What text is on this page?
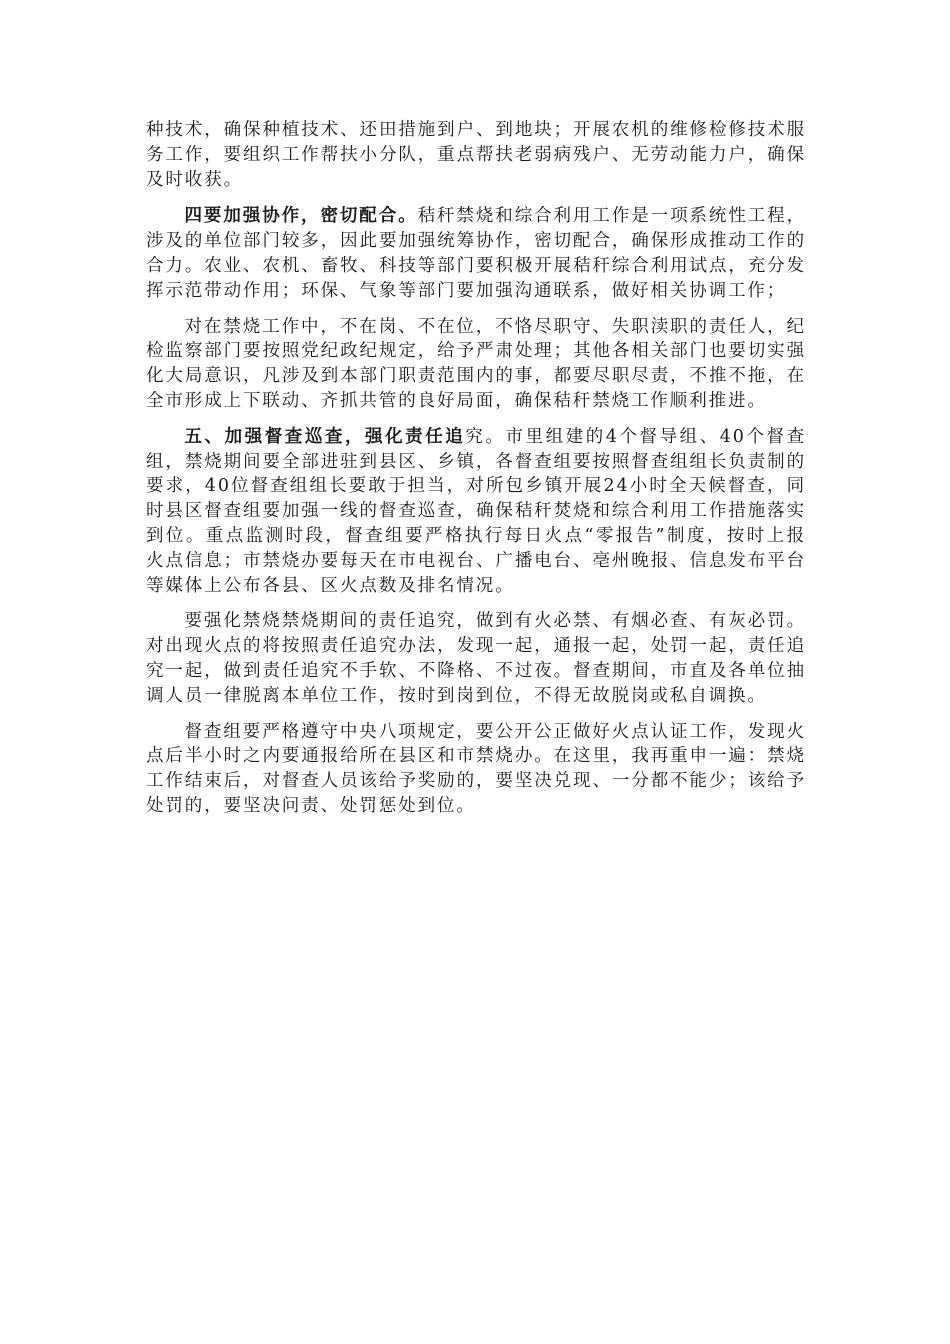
种技术，确保种植技术、还田措施到户、到地块；开展农机的维修检修技术服务工作，要组织工作帮扶小分队，重点帮扶老弱病残户、无劳动能力户，确保及时收获。

四要加强协作，密切配合。秸秆禁烧和综合利用工作是一项系统性工程，涉及的单位部门较多，因此要加强统筹协作，密切配合，确保形成推动工作的合力。农业、农机、畜牧、科技等部门要积极开展秸秆综合利用试点，充分发挥示范带动作用；环保、气象等部门要加强沟通联系，做好相关协调工作；

对在禁烧工作中，不在岗、不在位，不恪尽职守、失职渎职的责任人，纪检监察部门要按照党纪政纪规定，给予严肃处理；其他各相关部门也要切实强化大局意识，凡涉及到本部门职责范围内的事，都要尽职尽责，不推不拖，在全市形成上下联动、齐抓共管的良好局面，确保秸秆禁烧工作顺利推进。

五、加强督查巡查，强化责任追究。市里组建的4个督导组、40个督查组，禁烧期间要全部进驻到县区、乡镇，各督查组要按照督查组组长负责制的要求，40位督查组组长要敢于担当，对所包乡镇开展24小时全天候督查，同时县区督查组要加强一线的督查巡查，确保秸秆焚烧和综合利用工作措施落实到位。重点监测时段，督查组要严格执行每日火点“零报告”制度，按时上报火点信息；市禁烧办要每天在市电视台、广播电台、亳州晚报、信息发布平台等媒体上公布各县、区火点数及排名情况。

要强化禁烧禁烧期间的责任追究，做到有火必禁、有烟必查、有灰必罚。对出现火点的将按照责任追究办法，发现一起，通报一起，处罚一起，责任追究一起，做到责任追究不手软、不降格、不过夜。督查期间，市直及各单位抽调人员一律脱离本单位工作，按时到岗到位，不得无故脱岗或私自调换。

督查组要严格遵守中央八项规定，要公开公正做好火点认证工作，发现火点后半小时之内要通报给所在县区和市禁烧办。在这里，我再重申一遍：禁烧工作结束后，对督查人员该给予奖励的，要坚决兑现、一分都不能少；该给予处罚的，要坚决问责、处罚惩处到位。
